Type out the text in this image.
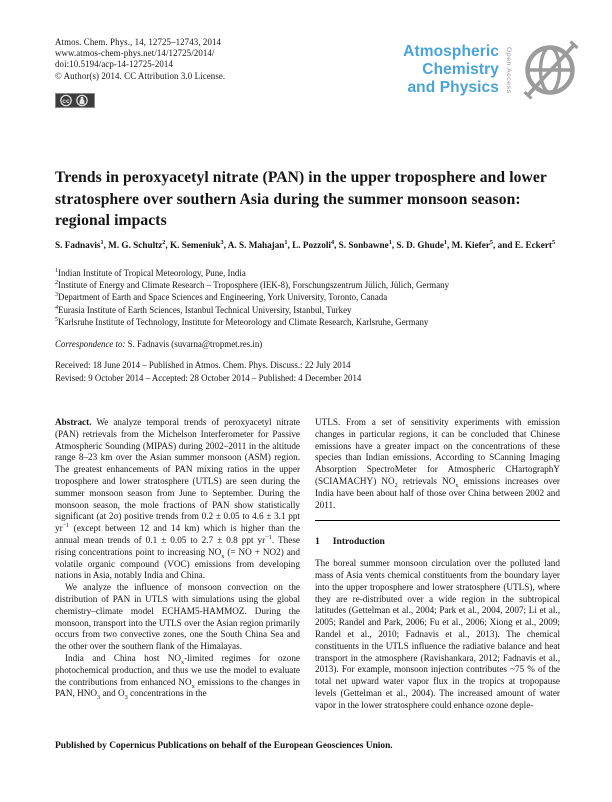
Atmos. Chem. Phys., 14, 12725–12743, 2014
www.atmos-chem-phys.net/14/12725/2014/
doi:10.5194/acp-14-12725-2014
© Author(s) 2014. CC Attribution 3.0 License.
cc
Atmospheric
Chemistry
and Physics Open Access
Trends in peroxyacetyl nitrate (PAN) in the upper troposphere and lower stratosphere over southern Asia during the summer monsoon season: regional impacts
S. Fadnavis$^1$, M. G. Schultz$^2$, K. Semeniuk$^3$, A. S. Mahajan$^1$, L. Pozzoli$^4$, S. Sonbawne$^1$, S. D. Ghude$^1$, M. Kiefer$^5$, and E. Eckert$^5$
$^1$Indian Institute of Tropical Meteorology, Pune, India
$^2$Institute of Energy and Climate Research – Troposphere (IEK-8), Forschungszentrum Jülich, Jülich, Germany
$^3$Department of Earth and Space Sciences and Engineering, York University, Toronto, Canada
$^4$Eurasia Institute of Earth Sciences, Istanbul Technical University, Istanbul, Turkey
$^5$Karlsruhe Institute of Technology, Institute for Meteorology and Climate Research, Karlsruhe, Germany
Correspondence to: S. Fadnavis (suvarna@tropmet.res.in)
Received: 18 June 2014 – Published in Atmos. Chem. Phys. Discuss.: 22 July 2014
Revised: 9 October 2014 – Accepted: 28 October 2014 – Published: 4 December 2014

Abstract. We analyze temporal trends of peroxyacetyl nitrate (PAN) retrievals from the Michelson Interferometer for Passive Atmospheric Sounding (MIPAS) during 2002–2011 in the altitude range 8–23 km over the Asian summer monsoon (ASM) region. The greatest enhancements of PAN mixing ratios in the upper troposphere and lower stratosphere (UTLS) are seen during the summer monsoon season from June to September. During the monsoon season, the mole fractions of PAN show statistically significant (at 2σ) positive trends from 0.2 ± 0.05 to 4.6 ± 3.1 ppt $yr^{-1}$ (except between 12 and 14 km) which is higher than the annual mean trends of 0.1 ± 0.05 to 2.7 ± 0.8 ppt $yr^{-1}$. These rising concentrations point to increasing $NO_x$ (= NO + NO2) and volatile organic compound (VOC) emissions from developing nations in Asia, notably India and China.

We analyze the influence of monsoon convection on the distribution of PAN in UTLS with simulations using the global chemistry–climate model ECHAM5-HAMMOZ. During the monsoon, transport into the UTLS over the Asian region primarily occurs from two convective zones, one the South China Sea and the other over the southern flank of the Himalayas.

India and China host $NO_x$-limited regimes for ozone photochemical production, and thus we use the model to evaluate the contributions from enhanced $NO_x$ emissions to the changes in PAN, $HNO_3$ and $O_3$ concentrations in the

UTLS. From a set of sensitivity experiments with emission changes in particular regions, it can be concluded that Chinese emissions have a greater impact on the concentrations of these species than Indian emissions. According to SCanning Imaging Absorption SpectroMeter for Atmospheric CHartographY (SCIAMACHY) $NO_2$ retrievals $NO_x$ emissions increases over India have been about half of those over China between 2002 and 2011.

1 Introduction

The boreal summer monsoon circulation over the polluted land mass of Asia vents chemical constituents from the boundary layer into the upper troposphere and lower stratosphere (UTLS), where they are re-distributed over a wide region in the subtropical latitudes (Gettelman et al., 2004; Park et al., 2004, 2007; Li et al., 2005; Randel and Park, 2006; Fu et al., 2006; Xiong et al., 2009; Randel et al., 2010; Fadnavis et al., 2013). The chemical constituents in the UTLS influence the radiative balance and heat transport in the atmosphere (Ravishankara, 2012; Fadnavis et al., 2013). For example, monsoon injection contributes ~75 % of the total net upward water vapor flux in the tropics at tropopause levels (Gettelman et al., 2004). The increased amount of water vapor in the lower stratosphere could enhance ozone deple-

Published by Copernicus Publications on behalf of the European Geosciences Union.
